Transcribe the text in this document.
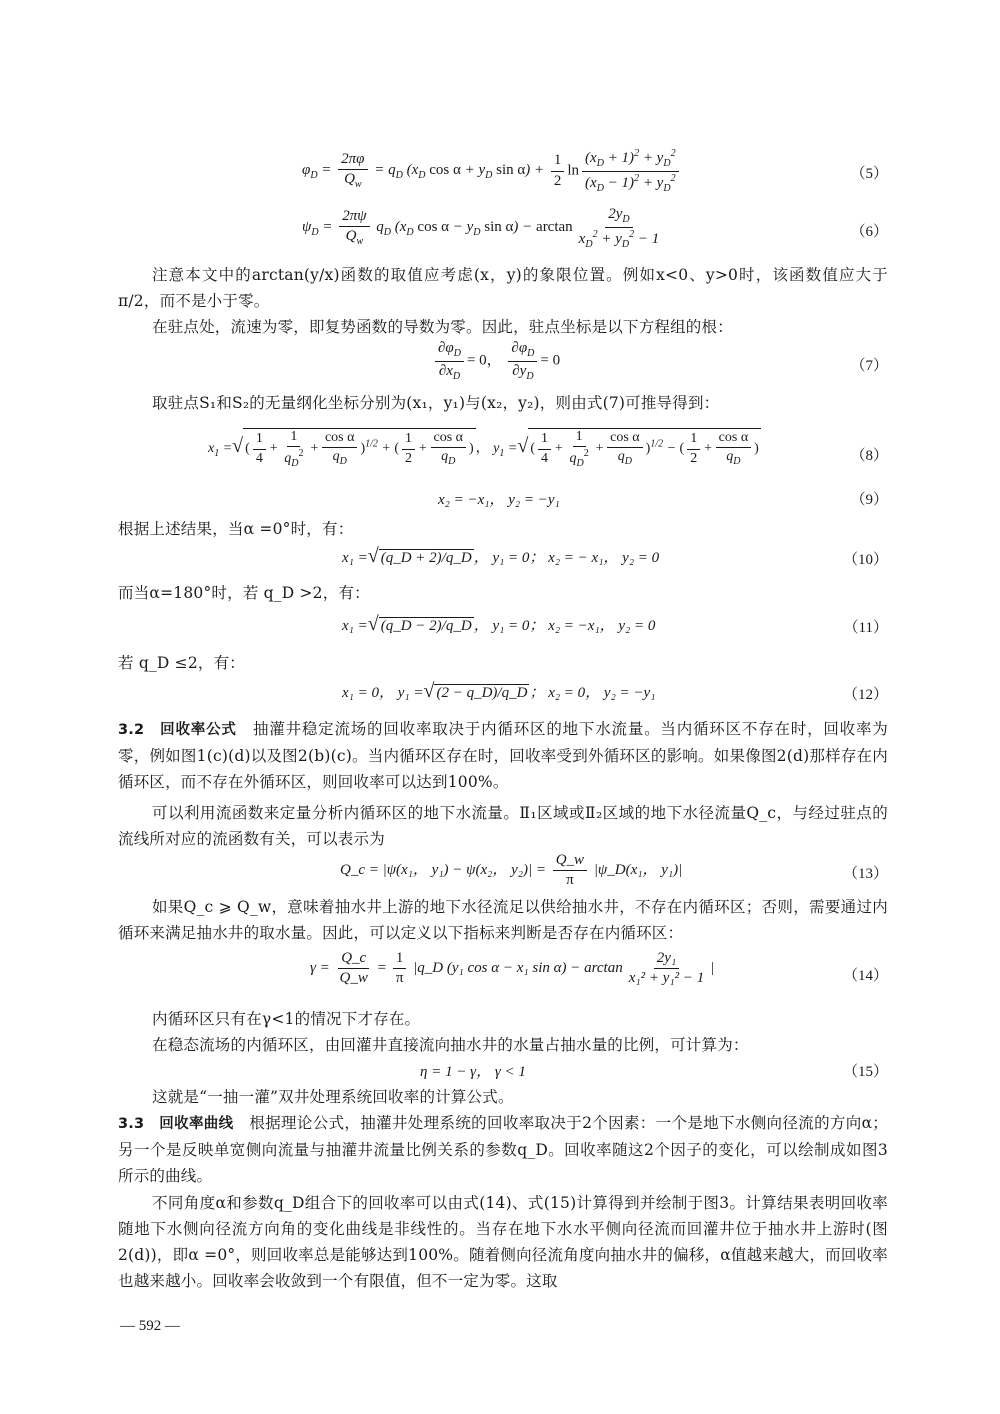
$\varphi_D = \frac{2\pi\varphi}{Q_w} = q_D$ ($x_D$ $\cos \alpha + y_D$ $\sin \alpha) + \frac{1}{2}$ $\ln \frac{(x_D + 1)^2 + y_D^2}{(x_D - 1)^2 + y_D^2}$	（5）
$\psi_D = \frac{2\pi\psi}{Q_w} q_D$ ($x_D$ $\cos \alpha - y_D$ $\sin \alpha) - \arctan \frac{2y_D}{x_D^2 + y_D^2 - 1}$	（6）

注意本文中的arctan(y/x)函数的取值应考虑(x，y)的象限位置。例如x<0、y>0时，该函数值应大于π/2，而不是小于零。

在驻点处，流速为零，即复势函数的导数为零。因此，驻点坐标是以下方程组的根：

$\frac{\partial\varphi_D}{\partial x_D} = 0$， $\frac{\partial\varphi_D}{\partial y_D} = 0$	（7）

取驻点S₁和S₂的无量纲化坐标分别为(x₁，y₁)与(x₂，y₂)，则由式(7)可推导得到：

$x_1$ =√ ( $\frac{1}{4} + \frac{1}{q_D^2} + \frac{\text{cos α}}{q_D} )^{1/2}$ + ( $\frac{1}{2} + \frac{\text{cos α}}{q_D}$ ) ， $y_1$ =√ ( $\frac{1}{4} + \frac{1}{q_D^2} + \frac{\text{cos α}}{q_D} )^{1/2}$ − ( $\frac{1}{2} + \frac{\text{cos α}}{q_D}$ )	（8）
x₂ = −x₁， y₂ = −y₁	（9）

根据上述结果，当α =0°时，有：

x₁ =√ (q_D + 2)/q_D ， y₁ = 0； x₂ = − x₁， y₂ = 0	（10）

而当α=180°时，若 q_D >2，有：

x₁ =√ (q_D − 2)/q_D ， y₁ = 0； x₂ = −x₁， y₂ = 0	（11）

若 q_D ≤2，有：

x₁ = 0， y₁ =√ (2 − q_D)/q_D ； x₂ = 0， y₂ = −y₁	（12）

3.2　回收率公式　抽灌井稳定流场的回收率取决于内循环区的地下水流量。当内循环区不存在时，回收率为零，例如图1(c)(d)以及图2(b)(c)。当内循环区存在时，回收率受到外循环区的影响。如果像图2(d)那样存在内循环区，而不存在外循环区，则回收率可以达到100%。

可以利用流函数来定量分析内循环区的地下水流量。Ⅱ₁区域或Ⅱ₂区域的地下水径流量Q_c，与经过驻点的流线所对应的流函数有关，可以表示为

Q_c = |ψ(x₁， y₁) − ψ(x₂， $y_2)| = \frac{Q\_w}{\pi}$ |ψ_D(x₁， y₁)|	（13）

如果Q_c ⩾ Q_w，意味着抽水井上游的地下水径流足以供给抽水井，不存在内循环区；否则，需要通过内循环来满足抽水井的取水量。因此，可以定义以下指标来判断是否存在内循环区：

$\gamma = \frac{Q\_c}{Q\_w} = \frac{1}{\pi}$ |q_D (y₁ cos α − x₁ $\sin \alpha) - \arctan \frac{\text{2y₁}}{\text{x₁² + y₁² − 1}}$ |	（14）

内循环区只有在γ<1的情况下才存在。

在稳态流场的内循环区，由回灌井直接流向抽水井的水量占抽水量的比例，可计算为：

η = 1 − γ， γ < 1	（15）

这就是“一抽一灌”双井处理系统回收率的计算公式。

3.3　回收率曲线　根据理论公式，抽灌井处理系统的回收率取决于2个因素：一个是地下水侧向径流的方向α；另一个是反映单宽侧向流量与抽灌井流量比例关系的参数q_D。回收率随这2个因子的变化，可以绘制成如图3所示的曲线。

不同角度α和参数q_D组合下的回收率可以由式(14)、式(15)计算得到并绘制于图3。计算结果表明回收率随地下水侧向径流方向角的变化曲线是非线性的。当存在地下水水平侧向径流而回灌井位于抽水井上游时(图2(d))，即α =0°，则回收率总是能够达到100%。随着侧向径流角度向抽水井的偏移，α值越来越大，而回收率也越来越小。回收率会收敛到一个有限值，但不一定为零。这取

— 592 —
